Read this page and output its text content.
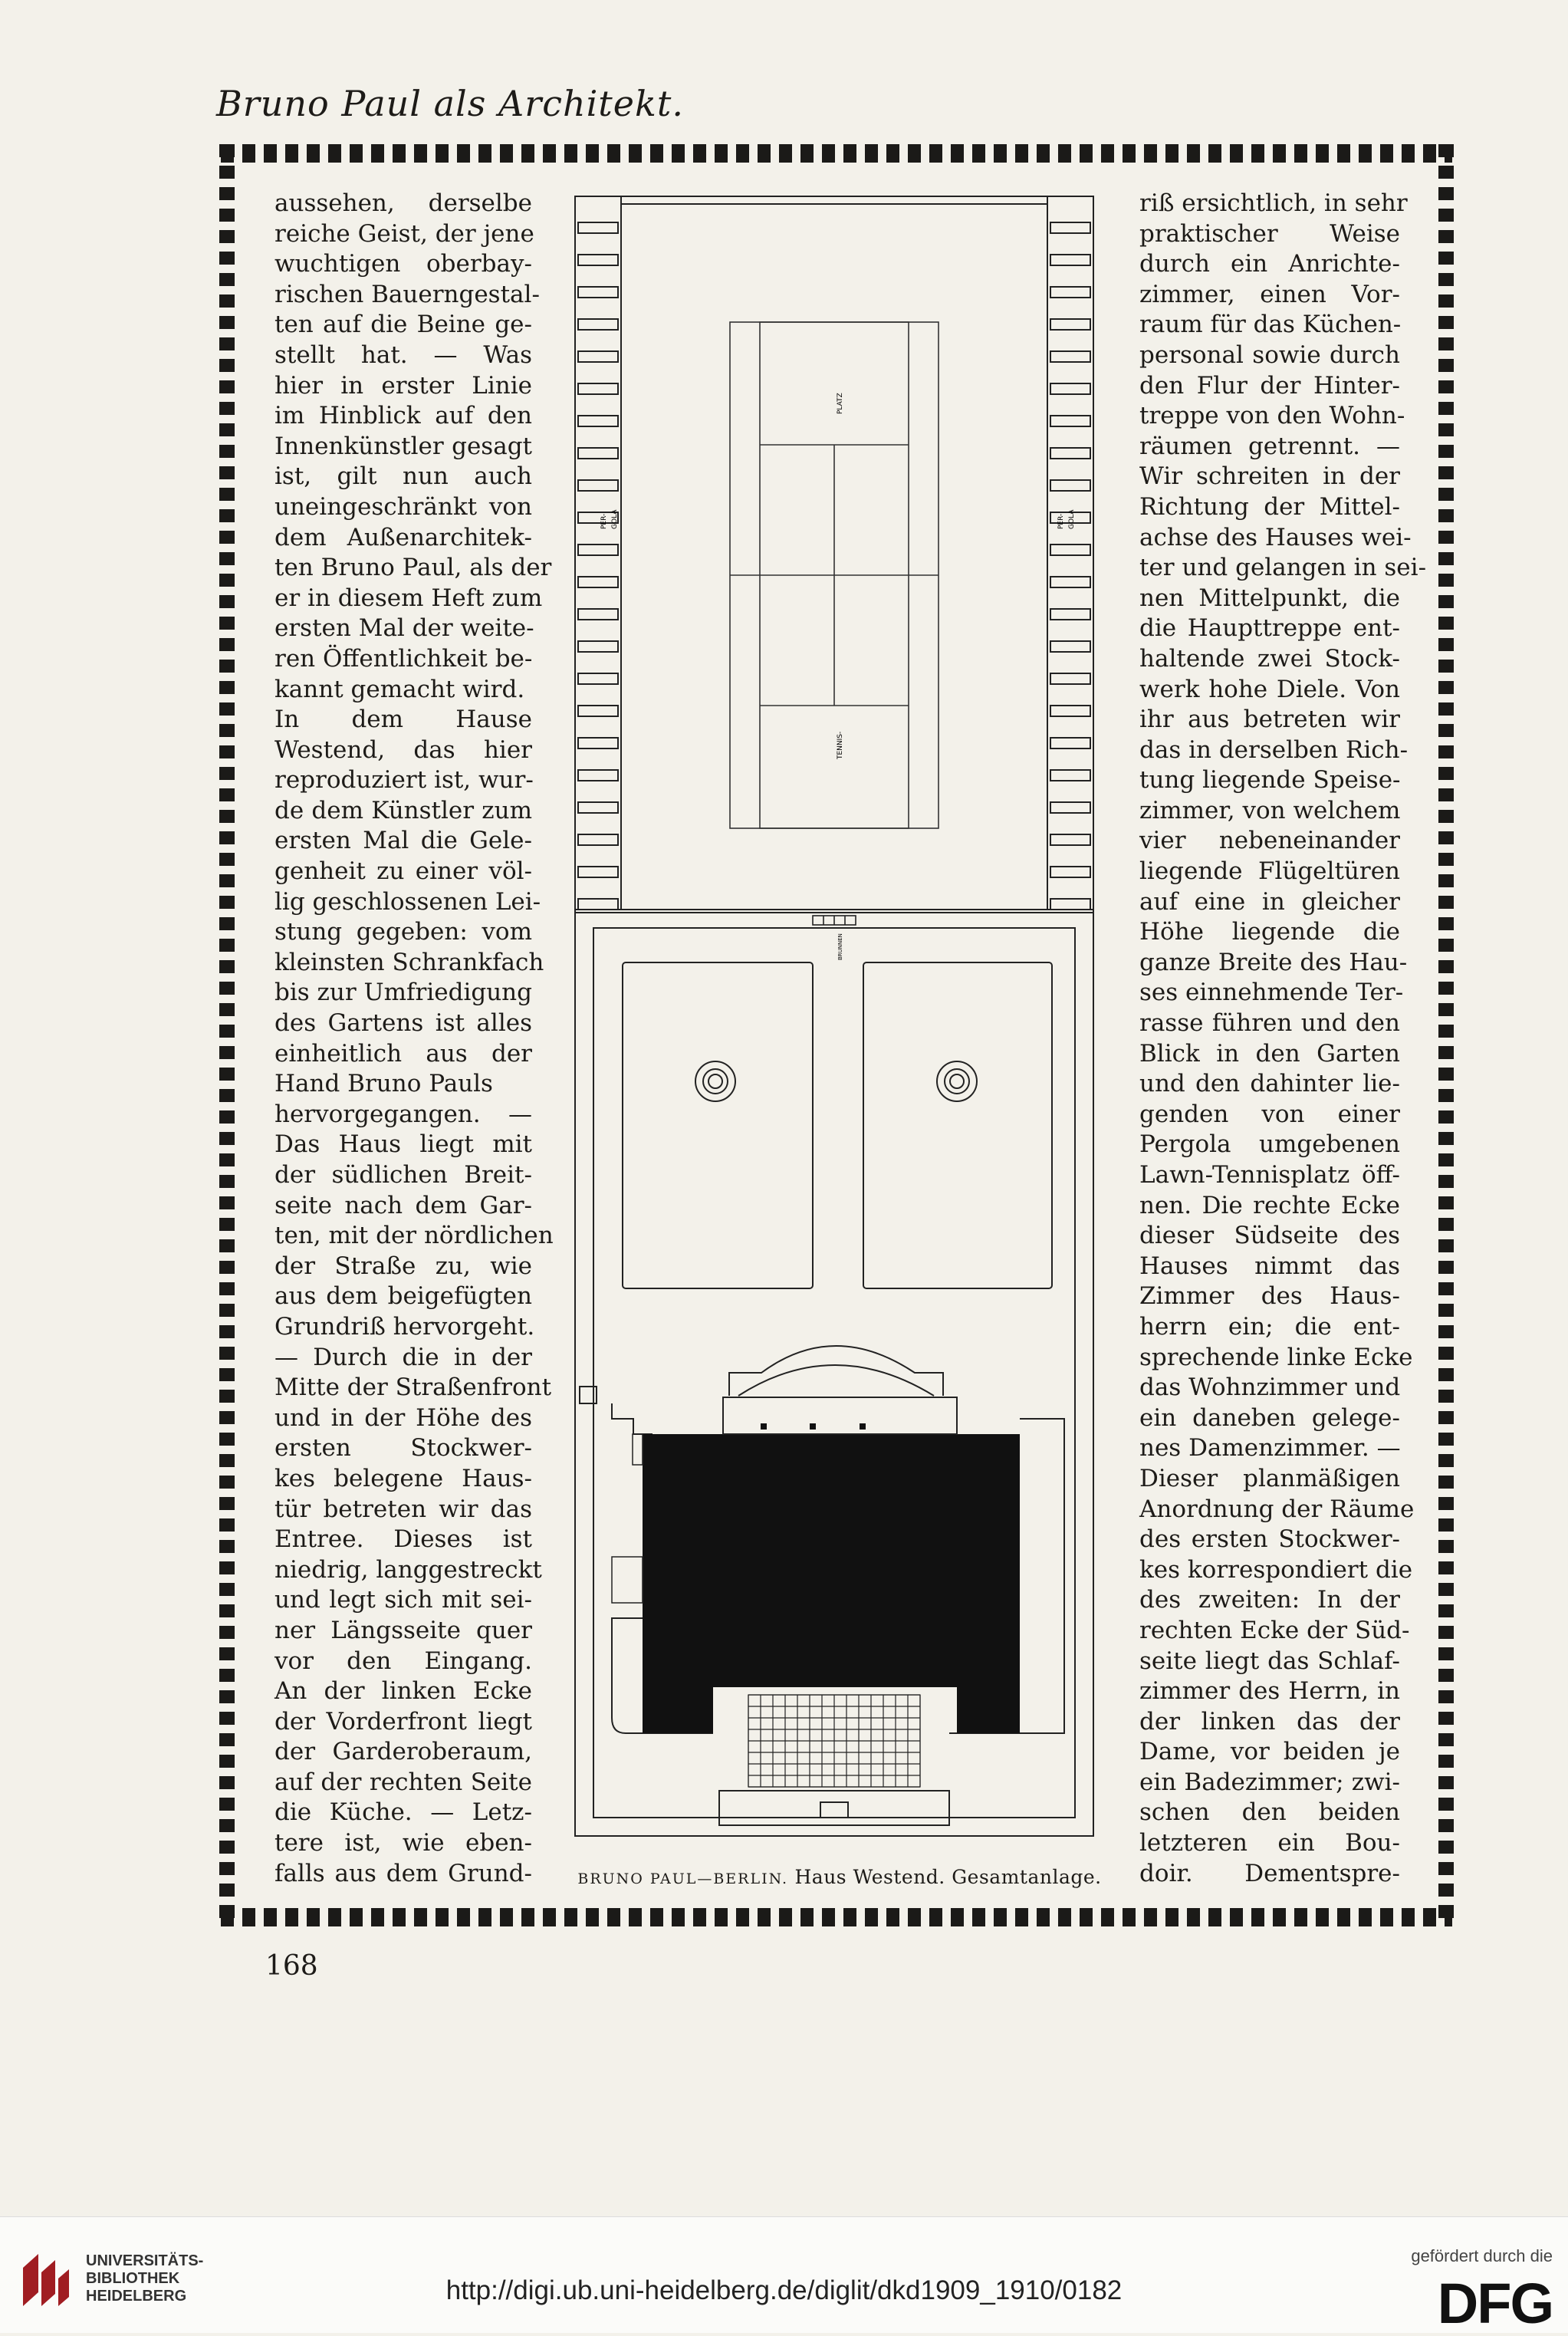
Bruno Paul als Architekt.
aussehen, derselbe
reiche Geist, der jene
wuchtigen oberbay-
rischen Bauerngestal-
ten auf die Beine ge-
stellt hat. — Was
hier in erster Linie
im Hinblick auf den
Innenkünstler gesagt
ist, gilt nun auch
uneingeschränkt von
dem Außenarchitek-
ten Bruno Paul, als der
er in diesem Heft zum
ersten Mal der weite-
ren Öffentlichkeit be-
kannt gemacht wird.
In dem Hause
Westend, das hier
reproduziert ist, wur-
de dem Künstler zum
ersten Mal die Gele-
genheit zu einer völ-
lig geschlossenen Lei-
stung gegeben: vom
kleinsten Schrankfach
bis zur Umfriedigung
des Gartens ist alles
einheitlich aus der
Hand Bruno Pauls
hervorgegangen. —
Das Haus liegt mit
der südlichen Breit-
seite nach dem Gar-
ten, mit der nördlichen
der Straße zu, wie
aus dem beigefügten
Grundriß hervorgeht.
— Durch die in der
Mitte der Straßenfront
und in der Höhe des
ersten Stockwer-
kes belegene Haus-
tür betreten wir das
Entree. Dieses ist
niedrig, langgestreckt
und legt sich mit sei-
ner Längsseite quer
vor den Eingang.
An der linken Ecke
der Vorderfront liegt
der Garderoberaum,
auf der rechten Seite
die Küche. — Letz-
tere ist, wie eben-
falls aus dem Grund-
riß ersichtlich, in sehr
praktischer Weise
durch ein Anrichte-
zimmer, einen Vor-
raum für das Küchen-
personal sowie durch
den Flur der Hinter-
treppe von den Wohn-
räumen getrennt. —
Wir schreiten in der
Richtung der Mittel-
achse des Hauses wei-
ter und gelangen in sei-
nen Mittelpunkt, die
die Haupttreppe ent-
haltende zwei Stock-
werk hohe Diele. Von
ihr aus betreten wir
das in derselben Rich-
tung liegende Speise-
zimmer, von welchem
vier nebeneinander
liegende Flügeltüren
auf eine in gleicher
Höhe liegende die
ganze Breite des Hau-
ses einnehmende Ter-
rasse führen und den
Blick in den Garten
und den dahinter lie-
genden von einer
Pergola umgebenen
Lawn-Tennisplatz öff-
nen. Die rechte Ecke
dieser Südseite des
Hauses nimmt das
Zimmer des Haus-
herrn ein; die ent-
sprechende linke Ecke
das Wohnzimmer und
ein daneben gelege-
nes Damenzimmer. —
Dieser planmäßigen
Anordnung der Räume
des ersten Stockwer-
kes korrespondiert die
des zweiten: In der
rechten Ecke der Süd-
seite liegt das Schlaf-
zimmer des Herrn, in
der linken das der
Dame, vor beiden je
ein Badezimmer; zwi-
schen den beiden
letzteren ein Bou-
doir. Dementspre-
PER- GOLA	PER- GOLA
TENNIS-
PLATZ
BRUNNEN
BRUNO PAUL—BERLIN. Haus Westend. Gesamtanlage.
168
UNIVERSITÄTS-
BIBLIOTHEK
HEIDELBERG	http://digi.ub.uni-heidelberg.de/diglit/dkd1909_1910/0182
gefördert durch die
DFG
